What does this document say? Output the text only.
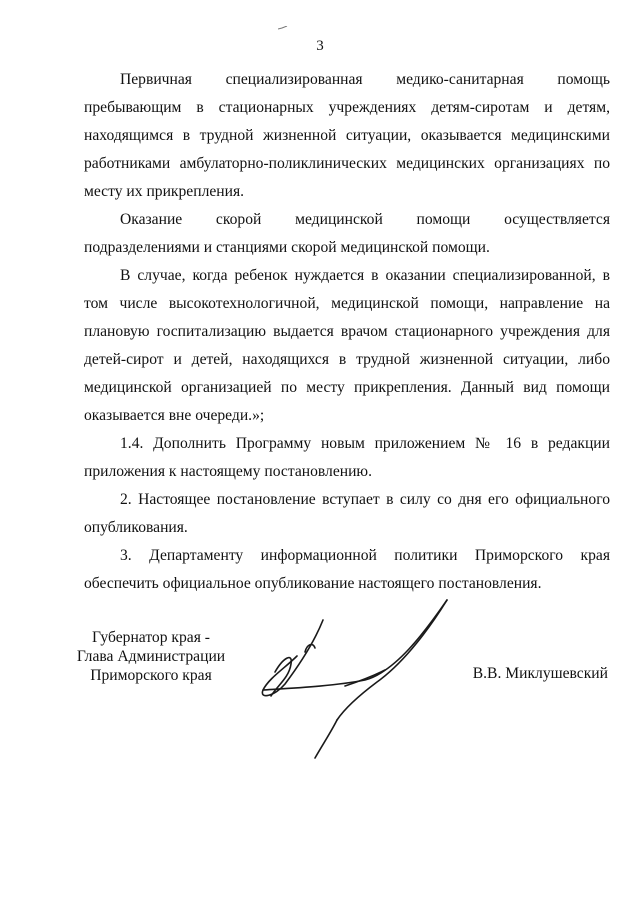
3

Первичная специализированная медико-санитарная помощь пребывающим в стационарных учреждениях детям-сиротам и детям, находящимся в трудной жизненной ситуации, оказывается медицинскими работниками амбулаторно-поликлинических медицинских организациях по месту их прикрепления.

Оказание скорой медицинской помощи осуществляется подразделениями и станциями скорой медицинской помощи.

В случае, когда ребенок нуждается в оказании специализированной, в том числе высокотехнологичной, медицинской помощи, направление на плановую госпитализацию выдается врачом стационарного учреждения для детей-сирот и детей, находящихся в трудной жизненной ситуации, либо медицинской организацией по месту прикрепления. Данный вид помощи оказывается вне очереди.»;

1.4. Дополнить Программу новым приложением № 16 в редакции приложения к настоящему постановлению.

2. Настоящее постановление вступает в силу со дня его официального опубликования.

3. Департаменту информационной политики Приморского края обеспечить официальное опубликование настоящего постановления.

Губернатор края -
Глава Администрации
Приморского края	В.В. Миклушевский
